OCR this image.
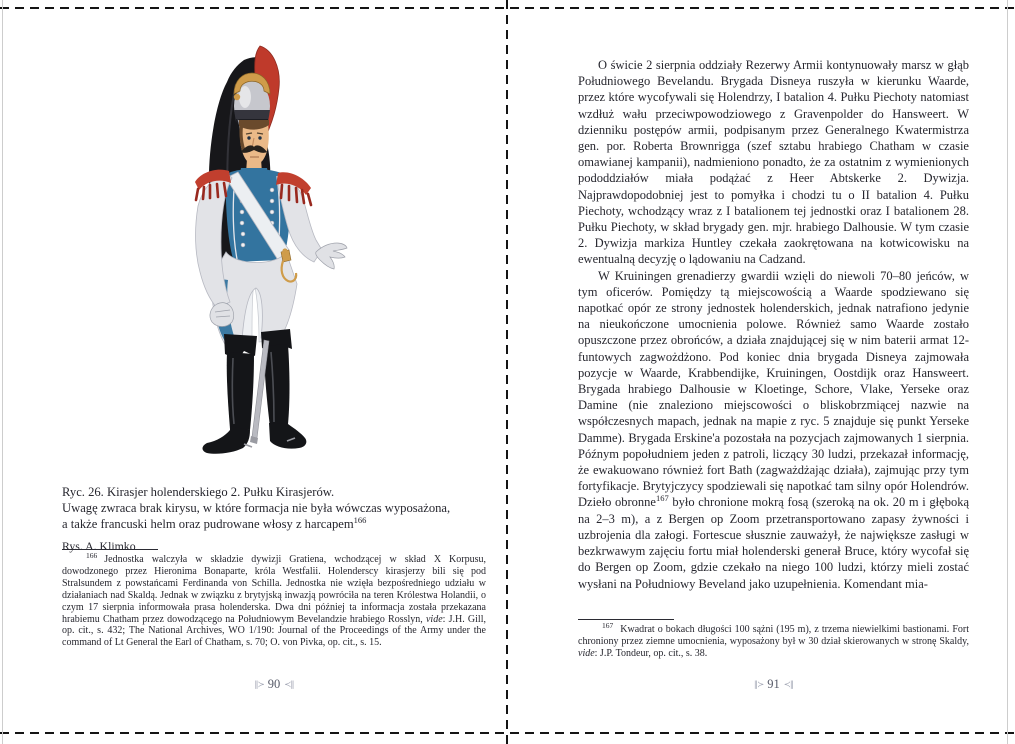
Ryc. 26. Kirasjer holenderskiego 2. Pułku Kirasjerów.
Uwagę zwraca brak kirysu, w które formacja nie była wówczas wyposażona,
a także francuski helm oraz pudrowane włosy z harcapem$^{166}$
Rys. A. Klimko

$^{166}$ Jednostka walczyła w składzie dywizji Gratiena, wchodzącej w skład X Korpusu, dowodzonego przez Hieronima Bonaparte, króla Westfalii. Holenderscy kirasjerzy bili się pod Stralsundem z powstańcami Ferdinanda von Schilla. Jednostka nie wzięła bezpośredniego udziału w działaniach nad Skaldą. Jednak w związku z brytyjską inwazją powróciła na teren Królestwa Holandii, o czym 17 sierpnia informowała prasa holenderska. Dwa dni później ta informacja została przekazana hrabiemu Chatham przez dowodzącego na Południowym Bevelandzie hrabiego Rosslyn, vide: J.H. Gill, op. cit., s. 432; The National Archives, WO 1/190: Journal of the Proceedings of the Army under the command of Lt General the Earl of Chatham, s. 70; O. von Pivka, op. cit., s. 15.

∥≻ 90 ≺∥

O świcie 2 sierpnia oddziały Rezerwy Armii kontynuowały marsz w głąb Południowego Bevelandu. Brygada Disneya ruszyła w kierunku Waarde, przez które wycofywali się Holendrzy, I batalion 4. Pułku Piechoty natomiast wzdłuż wału przeciwpowodziowego z Gravenpolder do Hansweert. W dzienniku postępów armii, podpisanym przez Generalnego Kwatermistrza gen. por. Roberta Brownrigga (szef sztabu hrabiego Chatham w czasie omawianej kampanii), nadmieniono ponadto, że za ostatnim z wymienionych pododdziałów miała podążać z Heer Abtskerke 2. Dywizja. Najprawdopodobniej jest to pomyłka i chodzi tu o II batalion 4. Pułku Piechoty, wchodzący wraz z I batalionem tej jednostki oraz I batalionem 28. Pułku Piechoty, w skład brygady gen. mjr. hrabiego Dalhousie. W tym czasie 2. Dywizja markiza Huntley czekała zaokrętowana na kotwicowisku na ewentualną decyzję o lądowaniu na Cadzand.

W Kruiningen grenadierzy gwardii wzięli do niewoli 70–80 jeńców, w tym oficerów. Pomiędzy tą miejscowością a Waarde spodziewano się napotkać opór ze strony jednostek holenderskich, jednak natrafiono jedynie na nieukończone umocnienia polowe. Również samo Waarde zostało opuszczone przez obrońców, a działa znajdującej się w nim baterii armat 12-funtowych zagwożdżono. Pod koniec dnia brygada Disneya zajmowała pozycje w Waarde, Krabbendijke, Kruiningen, Oostdijk oraz Hansweert. Brygada hrabiego Dalhousie w Kloetinge, Schore, Vlake, Yerseke oraz Damine (nie znaleziono miejscowości o bliskobrzmiącej nazwie na współczesnych mapach, jednak na mapie z ryc. 5 znajduje się punkt Yerseke Damme). Brygada Erskine'a pozostała na pozycjach zajmowanych 1 sierpnia. Późnym popołudniem jeden z patroli, liczący 30 ludzi, przekazał informację, że ewakuowano również fort Bath (zagważdżając działa), zajmując przy tym fortyfikacje. Brytyjczycy spodziewali się napotkać tam silny opór Holendrów. Dzieło obronne$^{167}$ było chronione mokrą fosą (szeroką na ok. 20 m i głęboką na 2–3 m), a z Bergen op Zoom przetransportowano zapasy żywności i uzbrojenia dla załogi. Fortescue słusznie zauważył, że największe zasługi w bezkrwawym zajęciu fortu miał holenderski generał Bruce, który wycofał się do Bergen op Zoom, gdzie czekało na niego 100 ludzi, którzy mieli zostać wysłani na Południowy Beveland jako uzupełnienia. Komendant mia-

$^{167}$ Kwadrat o bokach długości 100 sążni (195 m), z trzema niewielkimi bastionami. Fort chroniony przez ziemne umocnienia, wyposażony był w 30 dział skierowanych w stronę Skaldy, vide: J.P. Tondeur, op. cit., s. 38.

∥≻ 91 ≺∥
